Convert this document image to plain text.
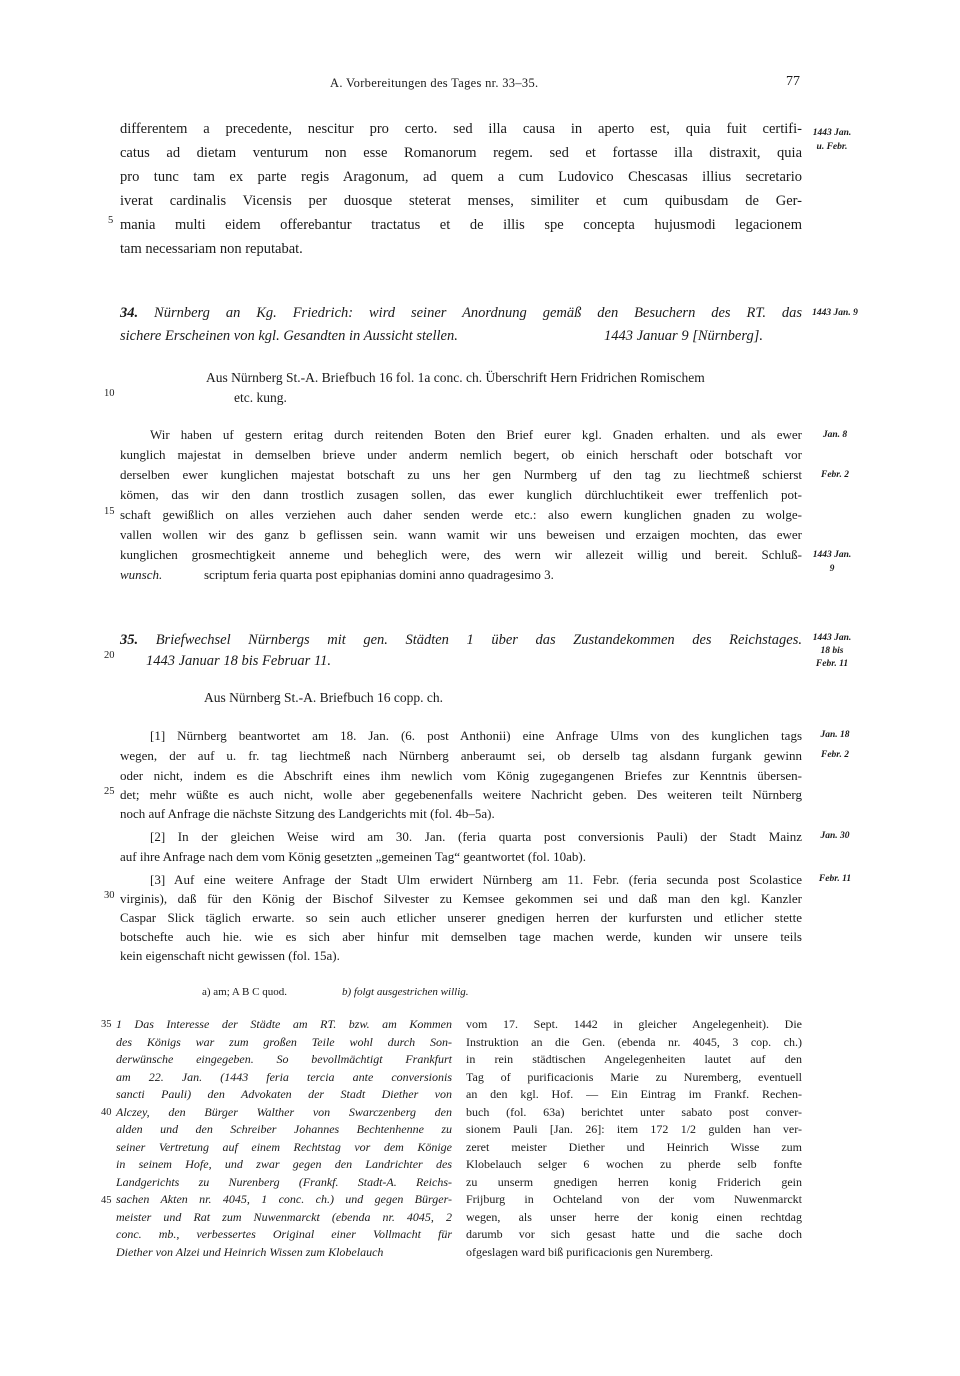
A. Vorbereitungen des Tages nr. 33–35.	77
differentem a precedente, nescitur pro certo. sed illa causa in aperto est, quia fuit certifi-
catus ad dietam venturum non esse Romanorum regem. sed et fortasse illa distraxit, quia
pro tunc tam ex parte regis Aragonum, ad quem a cum Ludovico Chescasas illius secretario
iverat cardinalis Vicensis per duosque steterat menses, similiter et cum quibusdam de Ger-
mania multi eidem offerebantur tractatus et de illis spe concepta hujusmodi legacionem
tam necessariam non reputabat.
5
1443 Jan. u. Febr.
34. Nürnberg an Kg. Friedrich: wird seiner Anordnung gemäß den Besuchern des RT. das
sichere Erscheinen von kgl. Gesandten in Aussicht stellen.	1443 Januar 9 [Nürnberg].
1443 Jan. 9
Aus Nürnberg St.-A. Briefbuch 16 fol. 1a conc. ch. Überschrift Hern Fridrichen Romischem
etc. kung.
10
Wir haben uf gestern eritag durch reitenden Boten den Brief eurer kgl. Gnaden erhalten. und als ewer
kunglich majestat in demselben brieve under anderm nemlich begert, ob einich herschaft oder botschaft vor
derselben ewer kunglichen majestat botschaft zu uns her gen Nurmberg uf den tag zu liechtmeß schierst
kömen, das wir den dann trostlich zusagen sollen, das ewer kunglich dürchluchtikeit ewer treffenlich pot-
schaft gewißlich on alles verziehen auch daher senden werde etc.: also ewern kunglichen gnaden zu wolge-
vallen wollen wir des ganz b geflissen sein. wann wamit wir uns beweisen und erzaigen mochten, das ewer
kunglichen grosmechtigkeit anneme und beheglich were, des wern wir allezeit willig und bereit. Schluß-
wunsch.	scriptum feria quarta post epiphanias domini anno quadragesimo 3.
15
Jan. 8
Febr. 2
1443 Jan. 9
35. Briefwechsel Nürnbergs mit gen. Städten 1 über das Zustandekommen des Reichstages.
1443 Januar 18 bis Februar 11.
20
1443 Jan. 18 bis Febr. 11
Aus Nürnberg St.-A. Briefbuch 16 copp. ch.
[1] Nürnberg beantwortet am 18. Jan. (6. post Anthonii) eine Anfrage Ulms von des kunglichen tags
wegen, der auf u. fr. tag liechtmeß nach Nürnberg anberaumt sei, ob derselb tag alsdann furgank gewinn
oder nicht, indem es die Abschrift eines ihm newlich vom König zugegangenen Briefes zur Kenntnis übersen-
det; mehr wüßte es auch nicht, wolle aber gegebenenfalls weitere Nachricht geben. Des weiteren teilt Nürnberg
noch auf Anfrage die nächste Sitzung des Landgerichts mit (fol. 4b–5a).
[2] In der gleichen Weise wird am 30. Jan. (feria quarta post conversionis Pauli) der Stadt Mainz
auf ihre Anfrage nach dem vom König gesetzten „gemeinen Tag“ geantwortet (fol. 10ab).
[3] Auf eine weitere Anfrage der Stadt Ulm erwidert Nürnberg am 11. Febr. (feria secunda post Scolastice
virginis), daß für den König der Bischof Silvester zu Kemsee gekommen sei und daß man den kgl. Kanzler
Caspar Slick täglich erwarte. so sein auch etlicher unserer gnedigen herren der kurfursten und etlicher stette
botschefte auch hie. wie es sich aber hinfur mit demselben tage machen werde, kunden wir unsere teils
kein eigenschaft nicht gewissen (fol. 15a).
25
30
Jan. 18
Febr. 2
Jan. 30
Febr. 11
a) am; A B C quod.	b) folgt ausgestrichen willig.
1 Das Interesse der Städte am RT. bzw. am Kommen
des Königs war zum großen Teile wohl durch Son-
derwünsche eingegeben. So bevollmächtigt Frankfurt
am 22. Jan. (1443 feria tercia ante conversionis
sancti Pauli) den Advokaten der Stadt Diether von
Alczey, den Bürger Walther von Swarczenberg den
alden und den Schreiber Johannes Bechtenhenne zu
seiner Vertretung auf einem Rechtstag vor dem Könige
in seinem Hofe, und zwar gegen den Landrichter des
Landgerichts zu Nurenberg (Frankf. Stadt-A. Reichs-
sachen Akten nr. 4045, 1 conc. ch.) und gegen Bürger-
meister und Rat zum Nuwenmarckt (ebenda nr. 4045, 2
conc. mb., verbessertes Original einer Vollmacht für
Diether von Alzei und Heinrich Wissen zum Klobelauch
vom 17. Sept. 1442 in gleicher Angelegenheit). Die
Instruktion an die Gen. (ebenda nr. 4045, 3 cop. ch.)
in rein städtischen Angelegenheiten lautet auf den
Tag of purificacionis Marie zu Nuremberg, eventuell
an den kgl. Hof. — Ein Eintrag im Frankf. Rechen-
buch (fol. 63a) berichtet unter sabato post conver-
sionem Pauli [Jan. 26]: item 172 1/2 gulden han ver-
zeret meister Diether und Heinrich Wisse zum
Klobelauch selger 6 wochen zu pherde selb fonfte
zu unserm gnedigen herren konig Friderich gein
Frijburg in Ochteland von der vom Nuwenmarckt
wegen, als unser herre der konig einen rechtdag
darumb vor sich gesast hatte und die sache doch
ofgeslagen ward biß purificacionis gen Nuremberg.
35
40
45
